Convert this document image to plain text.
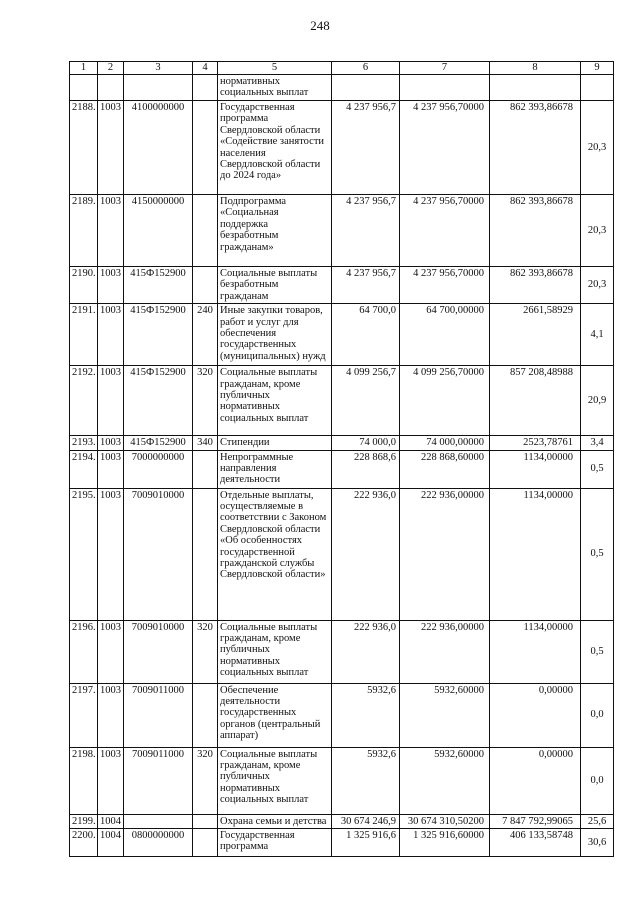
248
1	2	3	4	5	6	7	8	9
				нормативных социальных выплат				
2188.	1003	4100000000		Государственная программа Свердловской области «Содействие занятости населения Свердловской области до 2024 года»	4 237 956,7	4 237 956,70000	862 393,86678	20,3
2189.	1003	4150000000		Подпрограмма «Социальная поддержка безработным гражданам»	4 237 956,7	4 237 956,70000	862 393,86678	20,3
2190.	1003	415Ф152900		Социальные выплаты безработным гражданам	4 237 956,7	4 237 956,70000	862 393,86678	20,3
2191.	1003	415Ф152900	240	Иные закупки товаров, работ и услуг для обеспечения государственных (муниципальных) нужд	64 700,0	64 700,00000	2661,58929	4,1
2192.	1003	415Ф152900	320	Социальные выплаты гражданам, кроме публичных нормативных социальных выплат	4 099 256,7	4 099 256,70000	857 208,48988	20,9
2193.	1003	415Ф152900	340	Стипендии	74 000,0	74 000,00000	2523,78761	3,4
2194.	1003	7000000000		Непрограммные направления деятельности	228 868,6	228 868,60000	1134,00000	0,5
2195.	1003	7009010000		Отдельные выплаты, осуществляемые в соответствии с Законом Свердловской области «Об особенностях государственной гражданской службы Свердловской области»	222 936,0	222 936,00000	1134,00000	0,5
2196.	1003	7009010000	320	Социальные выплаты гражданам, кроме публичных нормативных социальных выплат	222 936,0	222 936,00000	1134,00000	0,5
2197.	1003	7009011000		Обеспечение деятельности государственных органов (центральный аппарат)	5932,6	5932,60000	0,00000	0,0
2198.	1003	7009011000	320	Социальные выплаты гражданам, кроме публичных нормативных социальных выплат	5932,6	5932,60000	0,00000	0,0
2199.	1004			Охрана семьи и детства	30 674 246,9	30 674 310,50200	7 847 792,99065	25,6
2200.	1004	0800000000		Государственная программа	1 325 916,6	1 325 916,60000	406 133,58748	30,6
